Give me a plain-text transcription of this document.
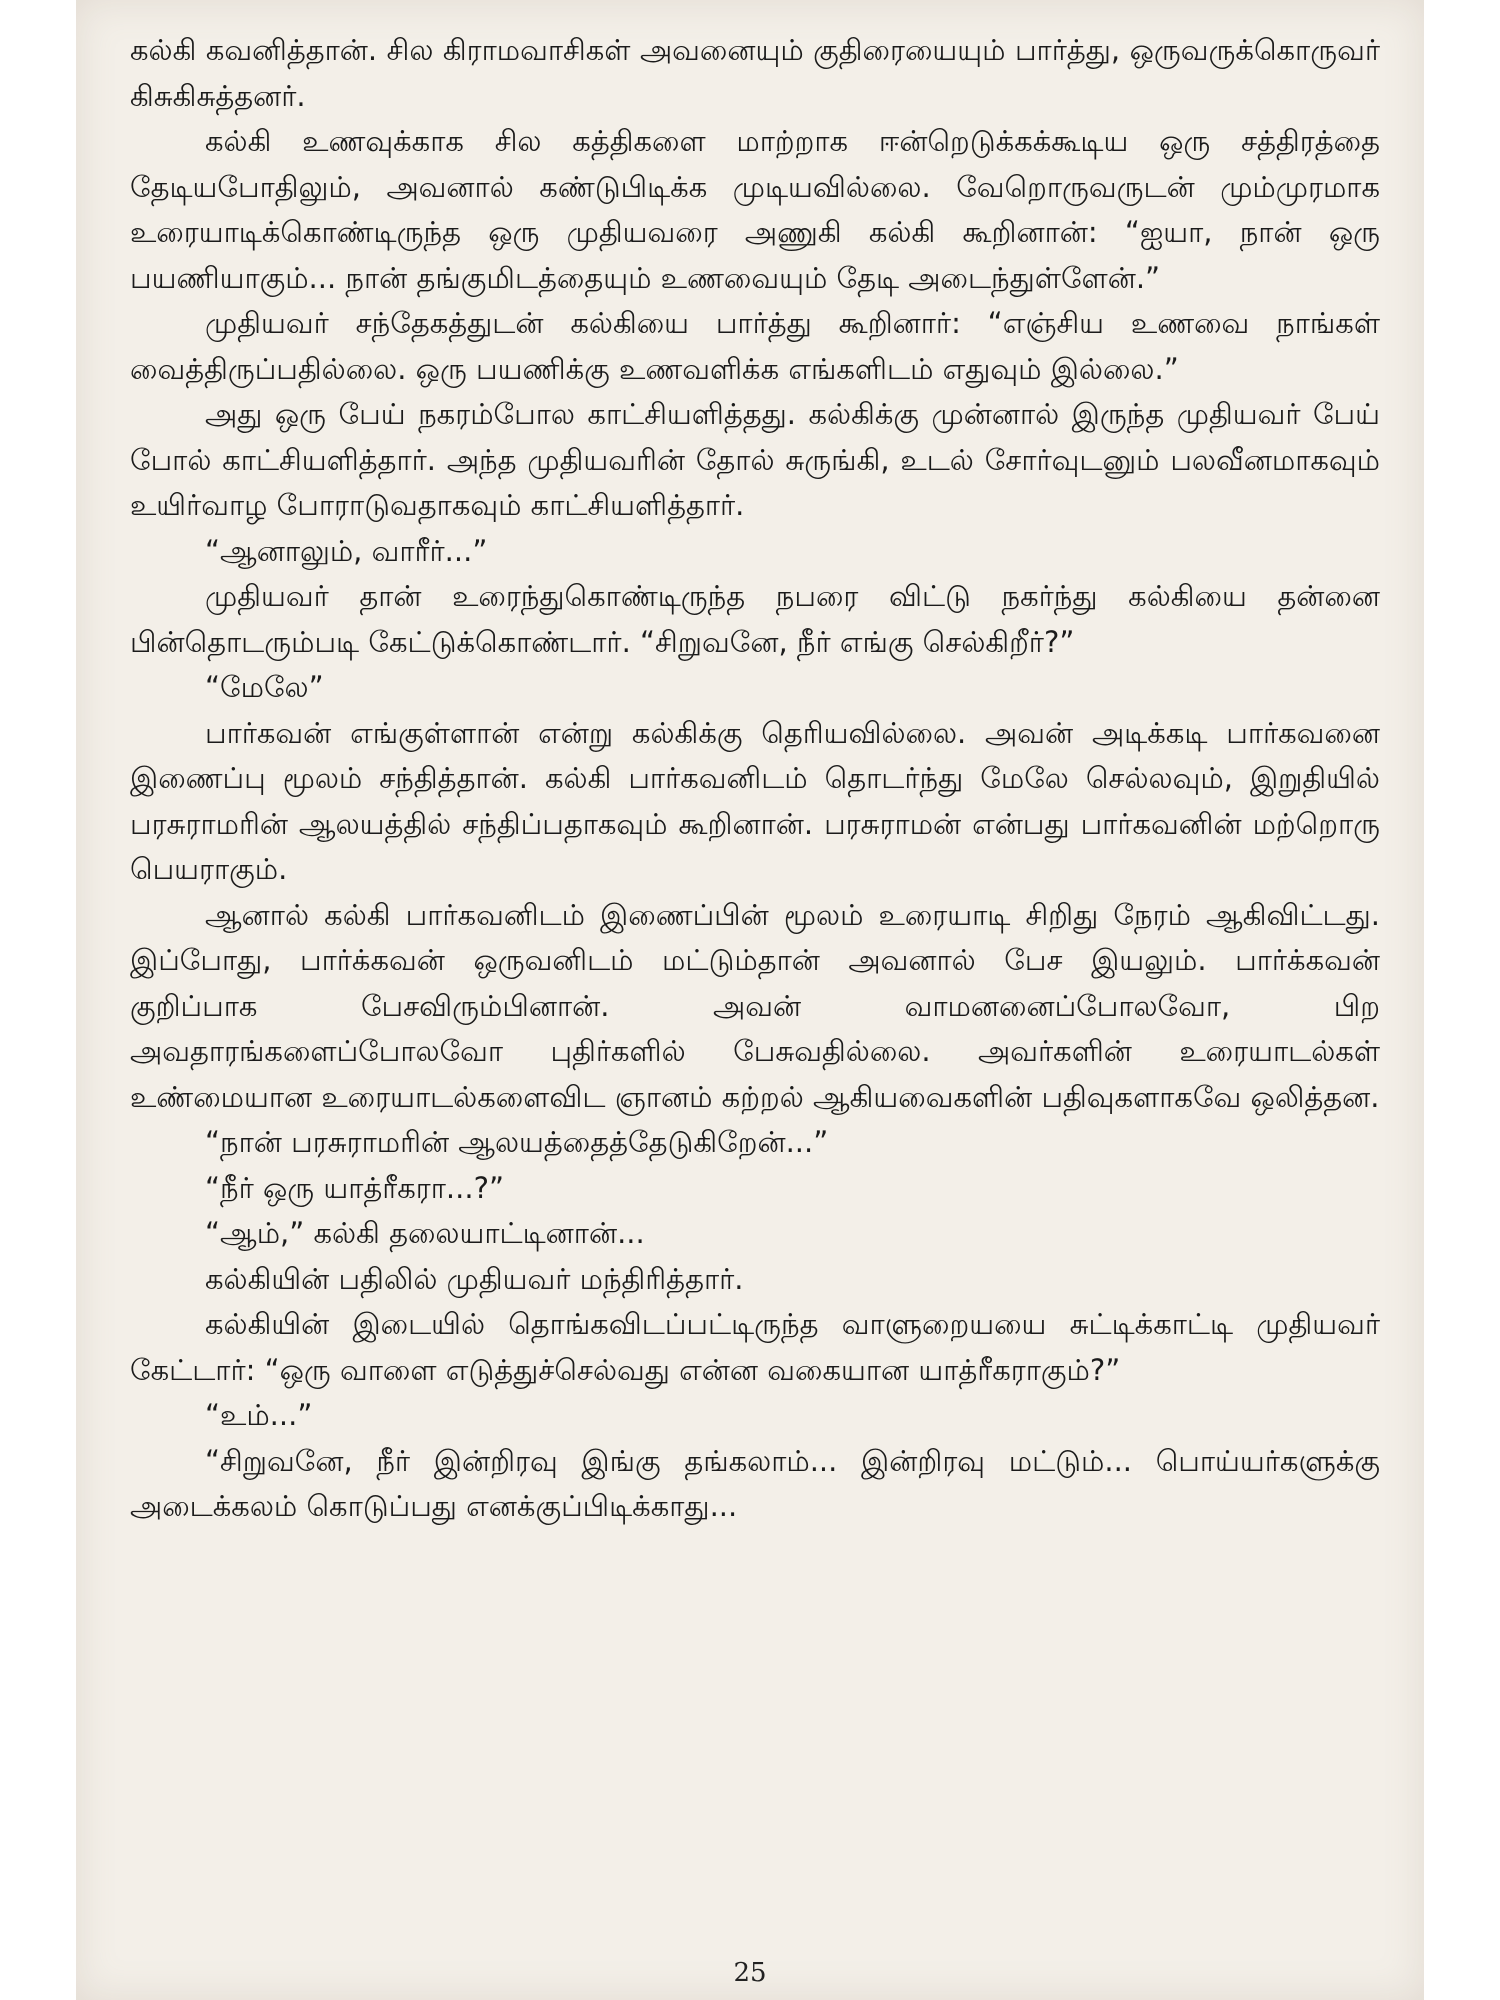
கல்கி கவனித்தான். சில கிராமவாசிகள் அவனையும் குதிரையையும் பார்த்து, ஒருவருக்கொருவர் கிசுகிசுத்தனர்.

கல்கி உணவுக்காக சில கத்திகளை மாற்றாக ஈன்றெடுக்கக்கூடிய ஒரு சத்திரத்தை தேடியபோதிலும், அவனால் கண்டுபிடிக்க முடியவில்லை. வேறொருவருடன் மும்முரமாக உரையாடிக்கொண்டிருந்த ஒரு முதியவரை அணுகி கல்கி கூறினான்: “ஐயா, நான் ஒரு பயணியாகும்... நான் தங்குமிடத்தையும் உணவையும் தேடி அடைந்துள்ளேன்.”

முதியவர் சந்தேகத்துடன் கல்கியை பார்த்து கூறினார்: “எஞ்சிய உணவை நாங்கள் வைத்திருப்பதில்லை. ஒரு பயணிக்கு உணவளிக்க எங்களிடம் எதுவும் இல்லை.”

அது ஒரு பேய் நகரம்போல காட்சியளித்தது. கல்கிக்கு முன்னால் இருந்த முதியவர் பேய் போல் காட்சியளித்தார். அந்த முதியவரின் தோல் சுருங்கி, உடல் சோர்வுடனும் பலவீனமாகவும் உயிர்வாழ போராடுவதாகவும் காட்சியளித்தார்.

“ஆனாலும், வாரீர்...”

முதியவர் தான் உரைந்துகொண்டிருந்த நபரை விட்டு நகர்ந்து கல்கியை தன்னை பின்தொடரும்படி கேட்டுக்கொண்டார். “சிறுவனே, நீர் எங்கு செல்கிறீர்?”

“மேலே”

பார்கவன் எங்குள்ளான் என்று கல்கிக்கு தெரியவில்லை. அவன் அடிக்கடி பார்கவனை இணைப்பு மூலம் சந்தித்தான். கல்கி பார்கவனிடம் தொடர்ந்து மேலே செல்லவும், இறுதியில் பரசுராமரின் ஆலயத்தில் சந்திப்பதாகவும் கூறினான். பரசுராமன் என்பது பார்கவனின் மற்றொரு பெயராகும்.

ஆனால் கல்கி பார்கவனிடம் இணைப்பின் மூலம் உரையாடி சிறிது நேரம் ஆகிவிட்டது. இப்போது, பார்க்கவன் ஒருவனிடம் மட்டும்தான் அவனால் பேச இயலும். பார்க்கவன் குறிப்பாக பேசவிரும்பினான். அவன் வாமனனைப்போலவோ, பிற அவதாரங்களைப்போலவோ புதிர்களில் பேசுவதில்லை. அவர்களின் உரையாடல்கள் உண்மையான உரையாடல்களைவிட ஞானம் கற்றல் ஆகியவைகளின் பதிவுகளாகவே ஒலித்தன.

“நான் பரசுராமரின் ஆலயத்தைத்தேடுகிறேன்...”

“நீர் ஒரு யாத்ரீகரா...?”

“ஆம்,” கல்கி தலையாட்டினான்...

கல்கியின் பதிலில் முதியவர் மந்திரித்தார்.

கல்கியின் இடையில் தொங்கவிடப்பட்டிருந்த வாளுறையயை சுட்டிக்காட்டி முதியவர் கேட்டார்: “ஒரு வாளை எடுத்துச்செல்வது என்ன வகையான யாத்ரீகராகும்?”

“உம்...”

“சிறுவனே, நீர் இன்றிரவு இங்கு தங்கலாம்... இன்றிரவு மட்டும்... பொய்யர்களுக்கு அடைக்கலம் கொடுப்பது எனக்குப்பிடிக்காது...

25
